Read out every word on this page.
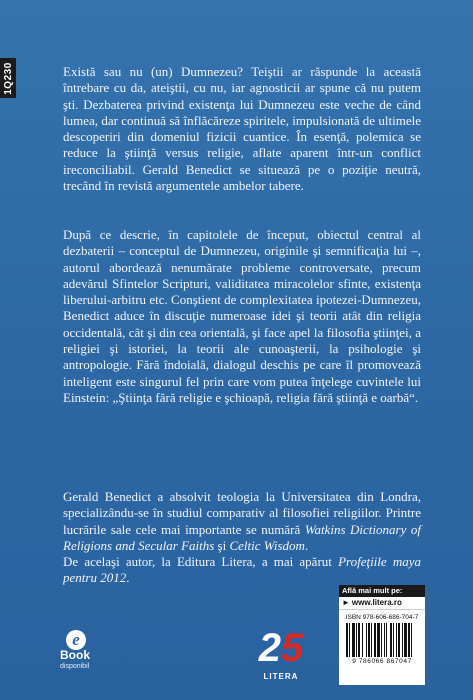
1Q230	Există sau nu (un) Dumnezeu? Teiştii ar răspunde la această întrebare cu da, ateiştii, cu nu, iar agnosticii ar spune că nu putem şti. Dezbaterea privind existenţa lui Dumnezeu este veche de când lumea, dar continuă să înflăcăreze spiritele, impulsionată de ultimele descoperiri din domeniul fizicii cuantice. În esenţă, polemica se reduce la ştiinţă versus religie, aflate aparent într-un conflict ireconciliabil. Gerald Benedict se situează pe o poziţie neutră, trecând în revistă argumentele ambelor tabere.

După ce descrie, în capitolele de început, obiectul central al dezbaterii – conceptul de Dumnezeu, originile şi semnificaţia lui –, autorul abordează nenumărate probleme controversate, precum adevărul Sfintelor Scripturi, validitatea miracolelor sfinte, existenţa liberului-arbitru etc. Conştient de complexitatea ipotezei-Dumnezeu, Benedict aduce în discuţie numeroase idei şi teorii atât din religia occidentală, cât şi din cea orientală, şi face apel la filosofia ştiinţei, a religiei şi istoriei, la teorii ale cunoaşterii, la psihologie şi antropologie. Fără îndoială, dialogul deschis pe care îl promovează inteligent este singurul fel prin care vom putea înţelege cuvintele lui Einstein: „Ştiinţa fără religie e şchioapă, religia fără ştiinţă e oarbă“.

Gerald Benedict a absolvit teologia la Universitatea din Londra, specializându-se în studiul comparativ al filosofiei religiilor. Printre lucrările sale cele mai importante se numără Watkins Dictionary of Religions and Secular Faiths şi Celtic Wisdom.

De acelaşi autor, la Editura Litera, a mai apărut Profeţiile maya pentru 2012.

e
Book
disponibil	25
LITERA
Află mai mult pe:
► www.litera.ro
ISBN 978-606-686-704-7
9 786066 867047
